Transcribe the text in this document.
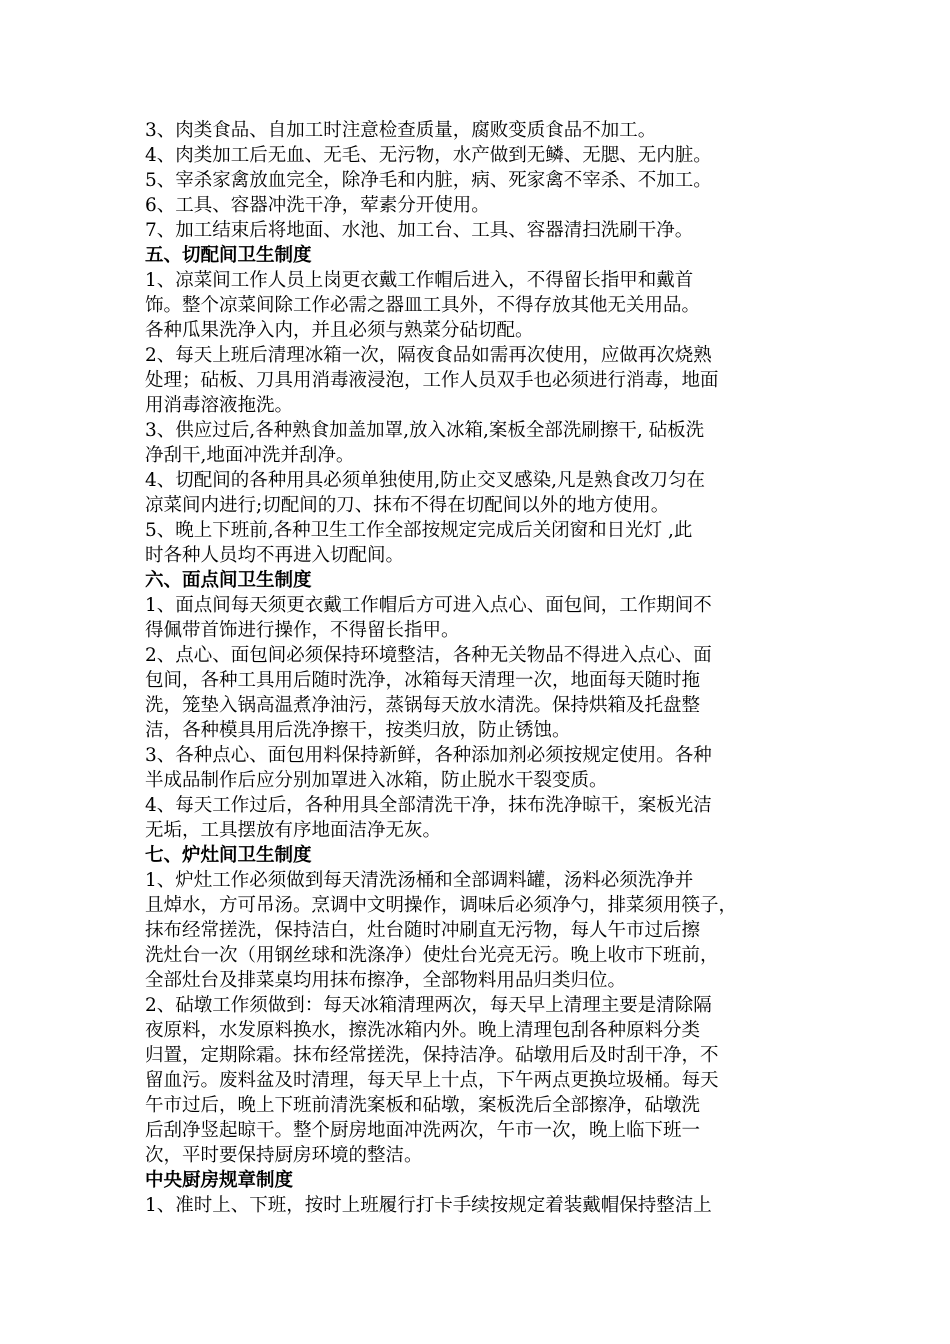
3、肉类食品、自加工时注意检查质量，腐败变质食品不加工。
4、肉类加工后无血、无毛、无污物，水产做到无鳞、无腮、无内脏。
5、宰杀家禽放血完全，除净毛和内脏，病、死家禽不宰杀、不加工。
6、工具、容器冲洗干净，荤素分开使用。
7、加工结束后将地面、水池、加工台、工具、容器清扫洗刷干净。
五、切配间卫生制度
1、凉菜间工作人员上岗更衣戴工作帽后进入，不得留长指甲和戴首
饰。整个凉菜间除工作必需之器皿工具外，不得存放其他无关用品。
各种瓜果洗净入内，并且必须与熟菜分砧切配。
2、每天上班后清理冰箱一次，隔夜食品如需再次使用，应做再次烧熟
处理；砧板、刀具用消毒液浸泡，工作人员双手也必须进行消毒，地面
用消毒溶液拖洗。
3、供应过后,各种熟食加盖加罩,放入冰箱,案板全部洗刷擦干, 砧板洗
净刮干,地面冲洗并刮净。
4、切配间的各种用具必须单独使用,防止交叉感染,凡是熟食改刀匀在
凉菜间内进行;切配间的刀、抹布不得在切配间以外的地方使用。
5、晚上下班前,各种卫生工作全部按规定完成后关闭窗和日光灯 ,此
时各种人员均不再进入切配间。
六、面点间卫生制度
1、面点间每天须更衣戴工作帽后方可进入点心、面包间，工作期间不
得佩带首饰进行操作，不得留长指甲。
2、点心、面包间必须保持环境整洁，各种无关物品不得进入点心、面
包间，各种工具用后随时洗净，冰箱每天清理一次，地面每天随时拖
洗，笼垫入锅高温煮净油污，蒸锅每天放水清洗。保持烘箱及托盘整
洁，各种模具用后洗净擦干，按类归放，防止锈蚀。
3、各种点心、面包用料保持新鲜，各种添加剂必须按规定使用。各种
半成品制作后应分别加罩进入冰箱，防止脱水干裂变质。
4、每天工作过后，各种用具全部清洗干净，抹布洗净晾干，案板光洁
无垢，工具摆放有序地面洁净无灰。
七、炉灶间卫生制度
1、炉灶工作必须做到每天清洗汤桶和全部调料罐，汤料必须洗净并
且焯水，方可吊汤。烹调中文明操作，调味后必须净勺，排菜须用筷子，
抹布经常搓洗，保持洁白，灶台随时冲刷直无污物，每人午市过后擦
洗灶台一次（用钢丝球和洗涤净）使灶台光亮无污。晚上收市下班前，
全部灶台及排菜桌均用抹布擦净，全部物料用品归类归位。
2、砧墩工作须做到：每天冰箱清理两次，每天早上清理主要是清除隔
夜原料，水发原料换水，擦洗冰箱内外。晚上清理包刮各种原料分类
归置，定期除霜。抹布经常搓洗，保持洁净。砧墩用后及时刮干净，不
留血污。废料盆及时清理，每天早上十点，下午两点更换垃圾桶。每天
午市过后，晚上下班前清洗案板和砧墩，案板洗后全部擦净，砧墩洗
后刮净竖起晾干。整个厨房地面冲洗两次，午市一次，晚上临下班一
次，平时要保持厨房环境的整洁。
中央厨房规章制度
1、准时上、下班，按时上班履行打卡手续按规定着装戴帽保持整洁上
